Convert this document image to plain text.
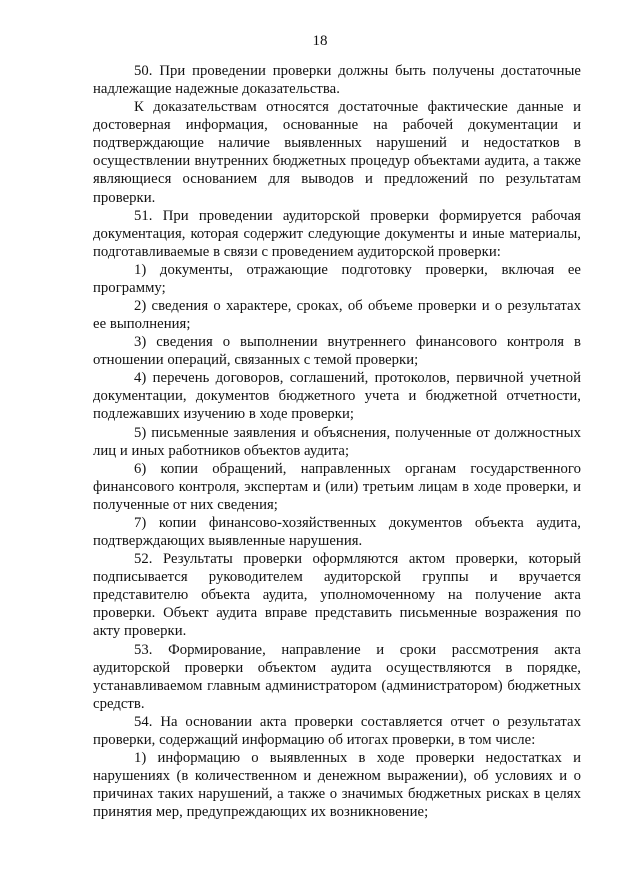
18

50. При проведении проверки должны быть получены достаточные надлежащие надежные доказательства.

К доказательствам относятся достаточные фактические данные и достоверная информация, основанные на рабочей документации и подтверждающие наличие выявленных нарушений и недостатков в осуществлении внутренних бюджетных процедур объектами аудита, а также являющиеся основанием для выводов и предложений по результатам проверки.

51. При проведении аудиторской проверки формируется рабочая документация, которая содержит следующие документы и иные материалы, подготавливаемые в связи с проведением аудиторской проверки:

1) документы, отражающие подготовку проверки, включая ее программу;

2) сведения о характере, сроках, об объеме проверки и о результатах ее выполнения;

3) сведения о выполнении внутреннего финансового контроля в отношении операций, связанных с темой проверки;

4) перечень договоров, соглашений, протоколов, первичной учетной документации, документов бюджетного учета и бюджетной отчетности, подлежавших изучению в ходе проверки;

5) письменные заявления и объяснения, полученные от должностных лиц и иных работников объектов аудита;

6) копии обращений, направленных органам государственного финансового контроля, экспертам и (или) третьим лицам в ходе проверки, и полученные от них сведения;

7) копии финансово-хозяйственных документов объекта аудита, подтверждающих выявленные нарушения.

52. Результаты проверки оформляются актом проверки, который подписывается руководителем аудиторской группы и вручается представителю объекта аудита, уполномоченному на получение акта проверки. Объект аудита вправе представить письменные возражения по акту проверки.

53. Формирование, направление и сроки рассмотрения акта аудиторской проверки объектом аудита осуществляются в порядке, устанавливаемом главным администратором (администратором) бюджетных средств.

54. На основании акта проверки составляется отчет о результатах проверки, содержащий информацию об итогах проверки, в том числе:

1) информацию о выявленных в ходе проверки недостатках и нарушениях (в количественном и денежном выражении), об условиях и о причинах таких нарушений, а также о значимых бюджетных рисках в целях принятия мер, предупреждающих их возникновение;
